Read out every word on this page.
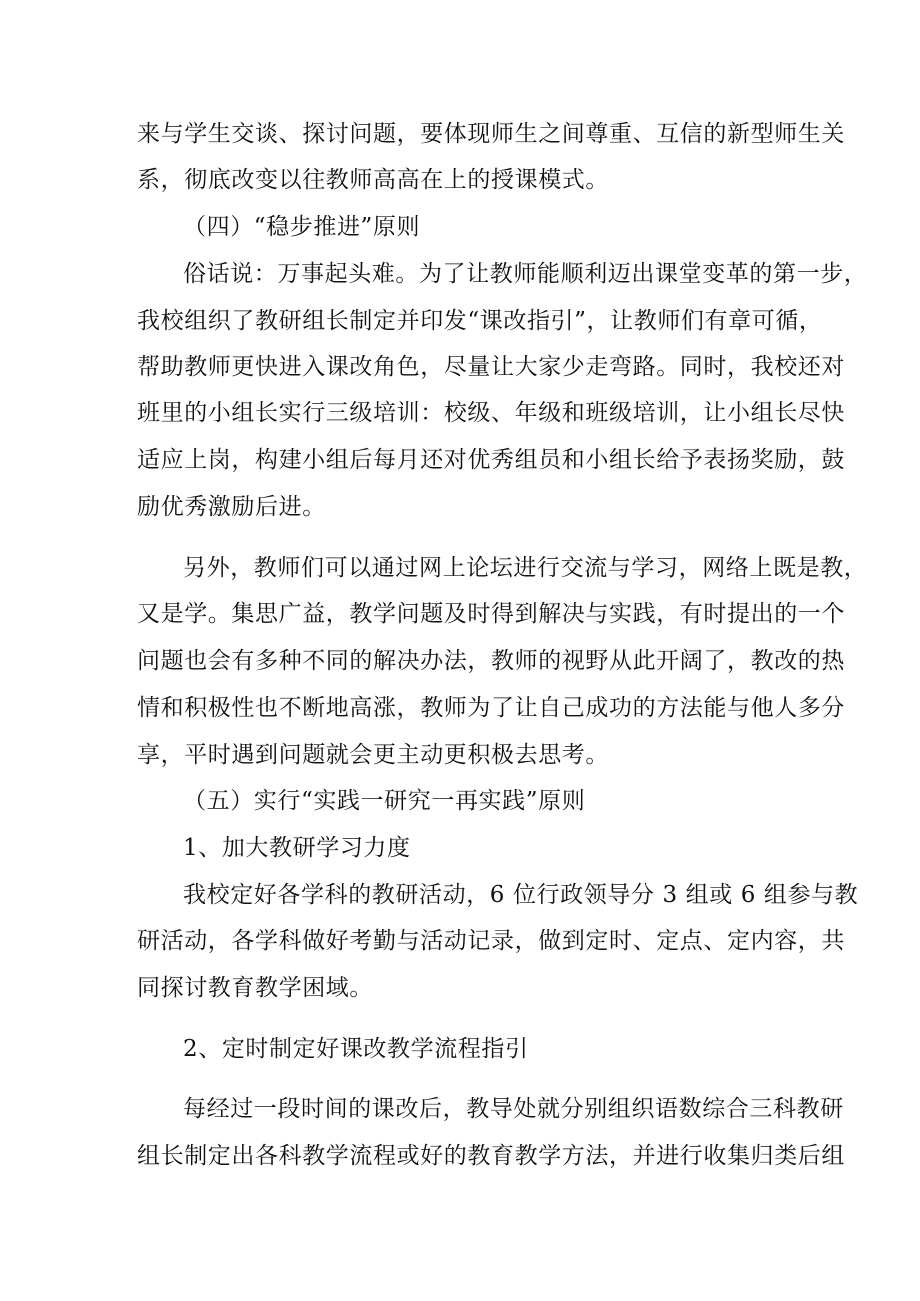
来与学生交谈、探讨问题，要体现师生之间尊重、互信的新型师生关
系，彻底改变以往教师高高在上的授课模式。
（四）“稳步推进”原则
俗话说：万事起头难。为了让教师能顺利迈出课堂变革的第一步，
我校组织了教研组长制定并印发“课改指引”，让教师们有章可循，
帮助教师更快进入课改角色，尽量让大家少走弯路。同时，我校还对
班里的小组长实行三级培训：校级、年级和班级培训，让小组长尽快
适应上岗，构建小组后每月还对优秀组员和小组长给予表扬奖励，鼓
励优秀激励后进。
另外，教师们可以通过网上论坛进行交流与学习，网络上既是教，
又是学。集思广益，教学问题及时得到解决与实践，有时提出的一个
问题也会有多种不同的解决办法，教师的视野从此开阔了，教改的热
情和积极性也不断地高涨，教师为了让自己成功的方法能与他人多分
享，平时遇到问题就会更主动更积极去思考。
（五）实行“实践一研究一再实践”原则
1、加大教研学习力度
我校定好各学科的教研活动，6 位行政领导分 3 组或 6 组参与教
研活动，各学科做好考勤与活动记录，做到定时、定点、定内容，共
同探讨教育教学困域。
2、定时制定好课改教学流程指引
每经过一段时间的课改后，教导处就分别组织语数综合三科教研
组长制定出各科教学流程或好的教育教学方法，并进行收集归类后组
